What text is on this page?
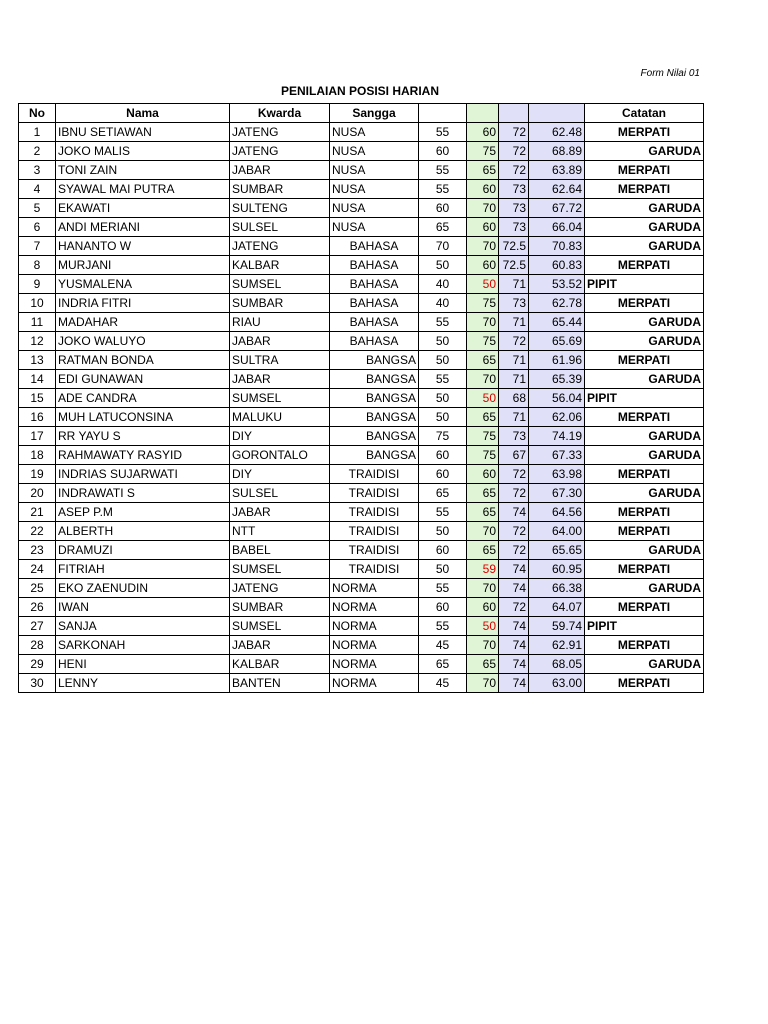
Form Nilai 01
PENILAIAN POSISI HARIAN
No	Nama	Kwarda	Sangga					Catatan
1	IBNU SETIAWAN	JATENG	NUSA	55	60	72	62.48	MERPATI
2	JOKO MALIS	JATENG	NUSA	60	75	72	68.89	GARUDA
3	TONI ZAIN	JABAR	NUSA	55	65	72	63.89	MERPATI
4	SYAWAL MAI PUTRA	SUMBAR	NUSA	55	60	73	62.64	MERPATI
5	EKAWATI	SULTENG	NUSA	60	70	73	67.72	GARUDA
6	ANDI MERIANI	SULSEL	NUSA	65	60	73	66.04	GARUDA
7	HANANTO W	JATENG	BAHASA	70	70	72.5	70.83	GARUDA
8	MURJANI	KALBAR	BAHASA	50	60	72.5	60.83	MERPATI
9	YUSMALENA	SUMSEL	BAHASA	40	50	71	53.52	PIPIT
10	INDRIA FITRI	SUMBAR	BAHASA	40	75	73	62.78	MERPATI
11	MADAHAR	RIAU	BAHASA	55	70	71	65.44	GARUDA
12	JOKO WALUYO	JABAR	BAHASA	50	75	72	65.69	GARUDA
13	RATMAN BONDA	SULTRA	BANGSA	50	65	71	61.96	MERPATI
14	EDI GUNAWAN	JABAR	BANGSA	55	70	71	65.39	GARUDA
15	ADE CANDRA	SUMSEL	BANGSA	50	50	68	56.04	PIPIT
16	MUH LATUCONSINA	MALUKU	BANGSA	50	65	71	62.06	MERPATI
17	RR YAYU S	DIY	BANGSA	75	75	73	74.19	GARUDA
18	RAHMAWATY RASYID	GORONTALO	BANGSA	60	75	67	67.33	GARUDA
19	INDRIAS SUJARWATI	DIY	TRAIDISI	60	60	72	63.98	MERPATI
20	INDRAWATI S	SULSEL	TRAIDISI	65	65	72	67.30	GARUDA
21	ASEP P.M	JABAR	TRAIDISI	55	65	74	64.56	MERPATI
22	ALBERTH	NTT	TRAIDISI	50	70	72	64.00	MERPATI
23	DRAMUZI	BABEL	TRAIDISI	60	65	72	65.65	GARUDA
24	FITRIAH	SUMSEL	TRAIDISI	50	59	74	60.95	MERPATI
25	EKO ZAENUDIN	JATENG	NORMA	55	70	74	66.38	GARUDA
26	IWAN	SUMBAR	NORMA	60	60	72	64.07	MERPATI
27	SANJA	SUMSEL	NORMA	55	50	74	59.74	PIPIT
28	SARKONAH	JABAR	NORMA	45	70	74	62.91	MERPATI
29	HENI	KALBAR	NORMA	65	65	74	68.05	GARUDA
30	LENNY	BANTEN	NORMA	45	70	74	63.00	MERPATI
